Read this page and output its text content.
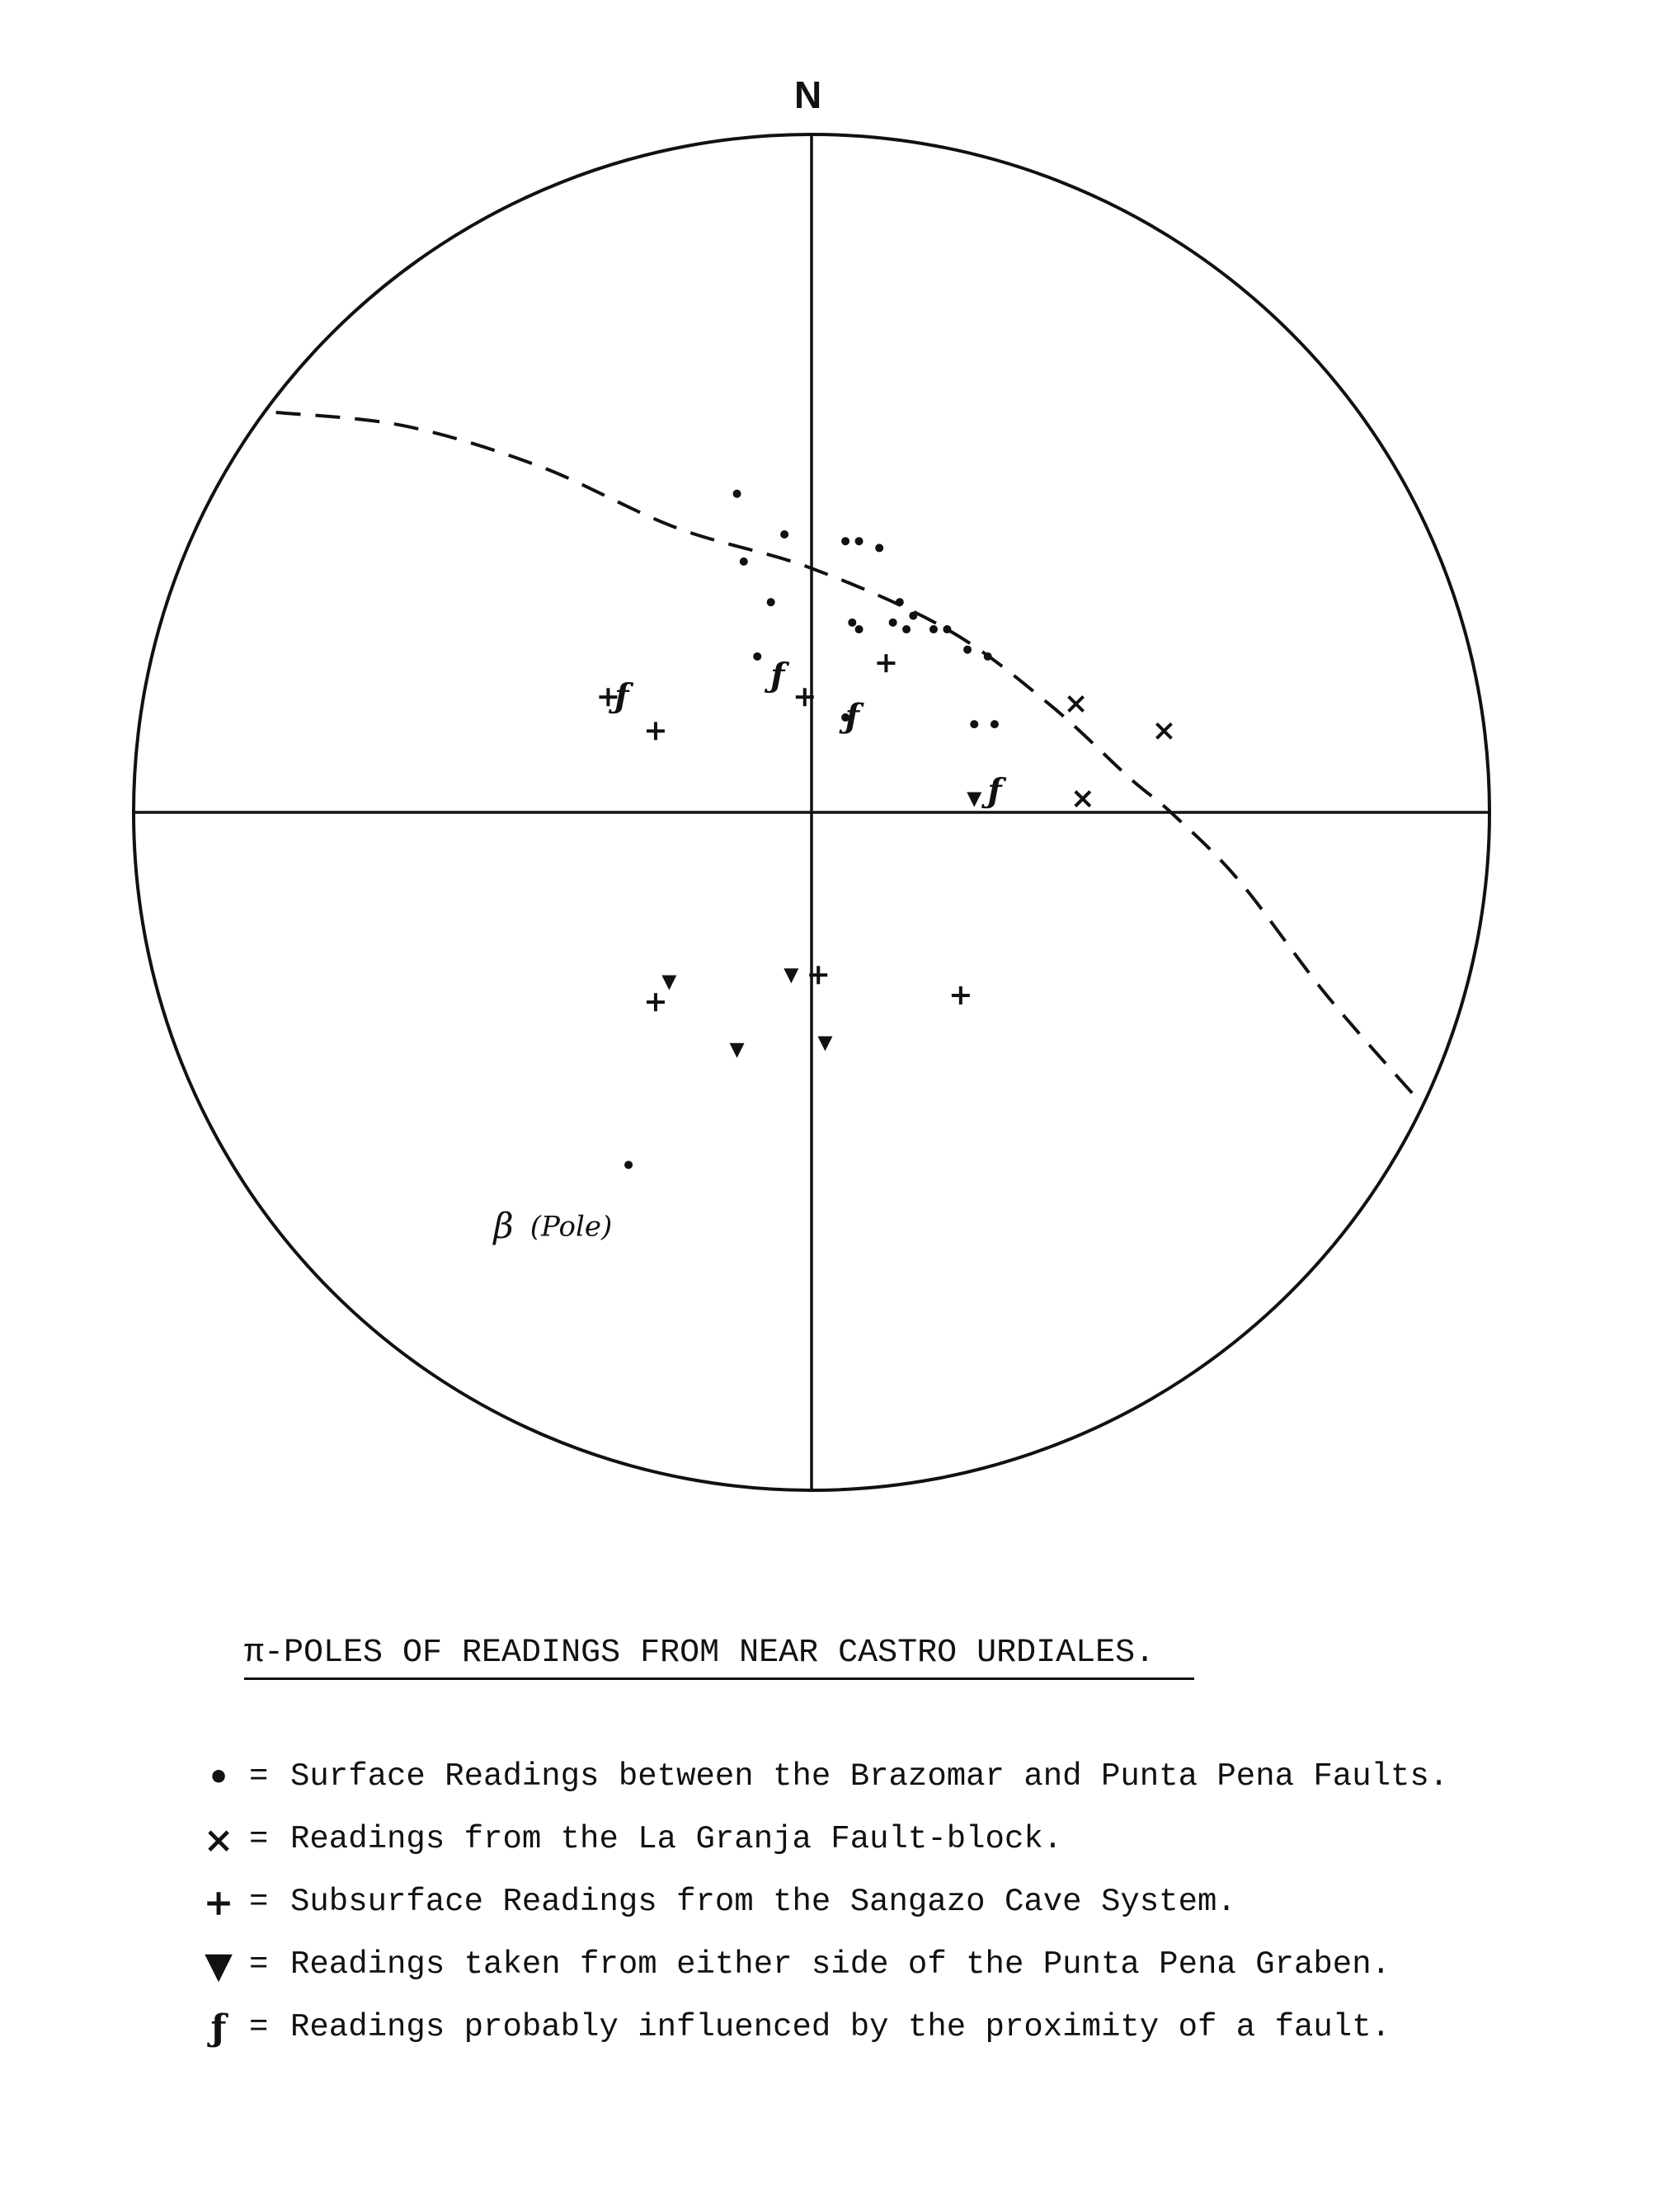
ƒ
ƒ
ƒ
ƒ
β (Pole)
N
π-POLES OF READINGS FROM NEAR CASTRO URDIALES.
• = Surface Readings between the Brazomar and Punta Pena Faults.
× = Readings from the La Granja Fault-block.
+ = Subsurface Readings from the Sangazo Cave System.
▼ = Readings taken from either side of the Punta Pena Graben.
ƒ = Readings probably influenced by the proximity of a fault.
